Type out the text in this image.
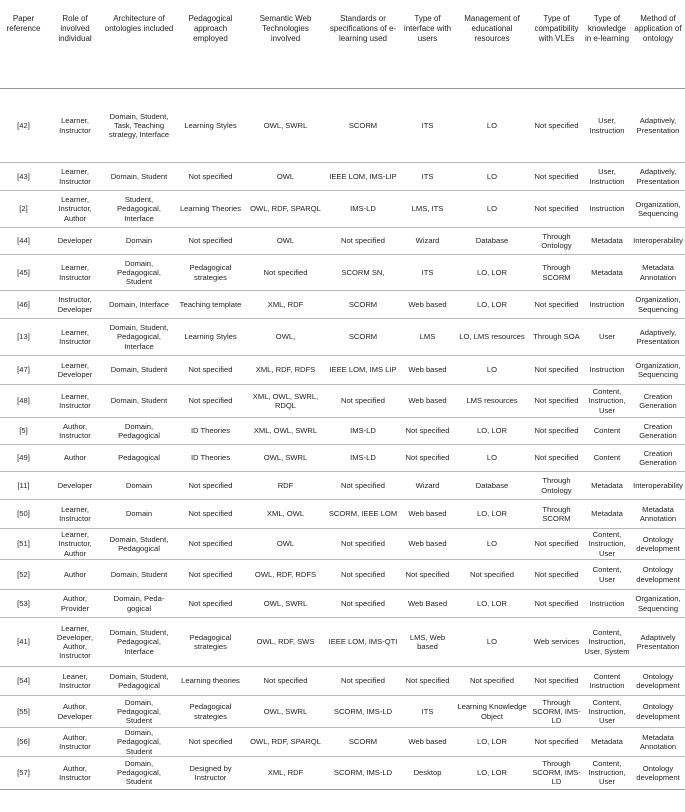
Paper reference	Role of involved individual	Architecture of ontologies included	Pedagogical approach employed	Semantic Web Technologies involved	Standards or specifications of e-learning used	Type of interface with users	Management of educational resources	Type of compatibility with VLEs	Type of knowledge in e-learning	Method of application of ontology
[42]	Learner, Instructor	Domain, Student, Task, Teaching strategy, Interface	Learning Styles	OWL, SWRL	SCORM	ITS	LO	Not specified	User, Instruction	Adaptively, Presentation
[43]	Learner, Instructor	Domain, Student	Not specified	OWL	IEEE LOM, IMS-LIP	ITS	LO	Not specified	User, Instruction	Adaptively, Presentation
[2]	Learner, Instructor, Author	Student, Pedagogical, Interface	Learning Theories	OWL, RDF, SPARQL	IMS-LD	LMS, ITS	LO	Not specified	Instruction	Organization, Sequencing
[44]	Developer	Domain	Not specified	OWL	Not specified	Wizard	Database	Through Ontology	Metadata	Interoperability
[45]	Learner, Instructor	Domain, Pedagogical, Student	Pedagogical strategies	Not specified	SCORM SN,	ITS	LO, LOR	Through SCORM	Metadata	Metadata Annotation
[46]	Instructor, Developer	Domain, Interface	Teaching template	XML, RDF	SCORM	Web based	LO, LOR	Not specified	Instruction	Organization, Sequencing
[13]	Learner, Instructor	Domain, Student, Pedagogical, Interface	Learning Styles	OWL,	SCORM	LMS	LO, LMS resources	Through SOA	User	Adaptively, Presentation
[47]	Learner, Developer	Domain, Student	Not specified	XML, RDF, RDFS	IEEE LOM, IMS LIP	Web based	LO	Not specified	Instruction	Organization, Sequencing
[48]	Learner, Instructor	Domain, Student	Not specified	XML, OWL, SWRL, RDQL	Not specified	Web based	LMS resources	Not specified	Content, Instruction, User	Creation Generation
[5]	Author, Instructor	Domain, Pedagogical	ID Theories	XML, OWL, SWRL	IMS-LD	Not specified	LO, LOR	Not specified	Content	Creation Generation
[49]	Author	Pedagogical	ID Theories	OWL, SWRL	IMS-LD	Not specified	LO	Not specified	Content	Creation Generation
[11]	Developer	Domain	Not specified	RDF	Not specified	Wizard	Database	Through Ontology	Metadata	Interoperability
[50]	Learner, Instructor	Domain	Not specified	XML, OWL	SCORM, IEEE LOM	Web based	LO, LOR	Through SCORM	Metadata	Metadata Annotation
[51]	Learner, Instructor, Author	Domain, Student, Pedagogical	Not specified	OWL	Not specified	Web based	LO	Not specified	Content, Instruction, User	Ontology development
[52]	Author	Domain, Student	Not specified	OWL, RDF, RDFS	Not specified	Not specified	Not specified	Not specified	Content, User	Ontology development
[53]	Author, Provider	Domain, Peda-gogical	Not specified	OWL, SWRL	Not specified	Web Based	LO, LOR	Not specified	Instruction	Organization, Sequencing
[41]	Learner, Developer, Author, Instructor	Domain, Student, Pedagogical, Interface	Pedagogical strategies	OWL, RDF, SWS	IEEE LOM, IMS-QTI	LMS, Web based	LO	Web services	Content, Instruction, User, System	Adaptively Presentation
[54]	Leaner, Instructor	Domain, Student, Pedagogical	Learning theories	Not specified	Not specified	Not specified	Not specified	Not specified	Content Instruction	Ontology development
[55]	Author, Developer	Domain, Pedagogical, Student	Pedagogical strategies	OWL, SWRL	SCORM, IMS-LD	ITS	Learning Knowledge Object	Through SCORM, IMS-LD	Content, Instruction, User	Ontology development
[56]	Author, Instructor	Domain, Pedagogical, Student	Not specified	OWL, RDF, SPARQL	SCORM	Web based	LO, LOR	Not specified	Metadata	Metadata Annotation
[57]	Author, Instructor	Domain, Pedagogical, Student	Designed by Instructor	XML, RDF	SCORM, IMS-LD	Desktop	LO, LOR	Through SCORM, IMS-LD	Content, Instruction, User	Ontology development
